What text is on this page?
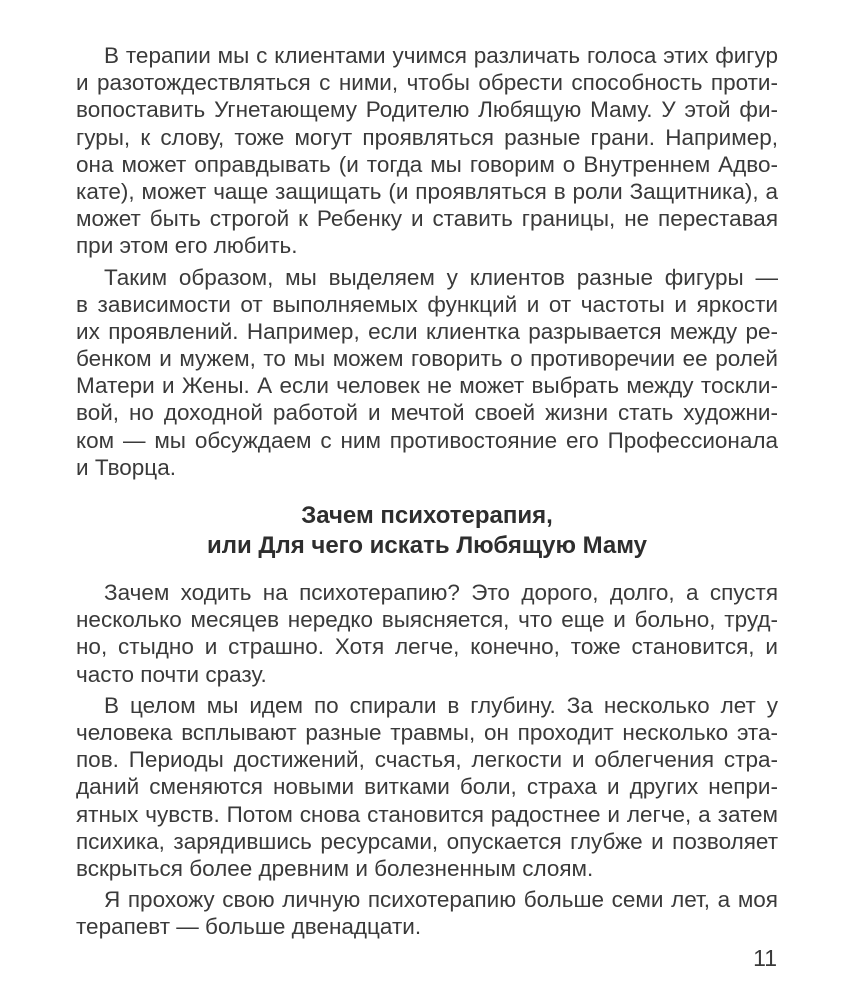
В терапии мы с клиентами учимся различать голоса этих фигур
и разотождествляться с ними, чтобы обрести способность проти-
вопоставить Угнетающему Родителю Любящую Маму. У этой фи-
гуры, к слову, тоже могут проявляться разные грани. Например,
она может оправдывать (и тогда мы говорим о Внутреннем Адво-
кате), может чаще защищать (и проявляться в роли Защитника), а
может быть строгой к Ребенку и ставить границы, не переставая
при этом его любить.
Таким образом, мы выделяем у клиентов разные фигуры —
в зависимости от выполняемых функций и от частоты и яркости
их проявлений. Например, если клиентка разрывается между ре-
бенком и мужем, то мы можем говорить о противоречии ее ролей
Матери и Жены. А если человек не может выбрать между тоскли-
вой, но доходной работой и мечтой своей жизни стать художни-
ком — мы обсуждаем с ним противостояние его Профессионала
и Творца.
Зачем психотерапия,
или Для чего искать Любящую Маму
Зачем ходить на психотерапию? Это дорого, долго, а спустя
несколько месяцев нередко выясняется, что еще и больно, труд-
но, стыдно и страшно. Хотя легче, конечно, тоже становится, и
часто почти сразу.
В целом мы идем по спирали в глубину. За несколько лет у
человека всплывают разные травмы, он проходит несколько эта-
пов. Периоды достижений, счастья, легкости и облегчения стра-
даний сменяются новыми витками боли, страха и других непри-
ятных чувств. Потом снова становится радостнее и легче, а затем
психика, зарядившись ресурсами, опускается глубже и позволяет
вскрыться более древним и болезненным слоям.
Я прохожу свою личную психотерапию больше семи лет, а моя
терапевт — больше двенадцати.
11
